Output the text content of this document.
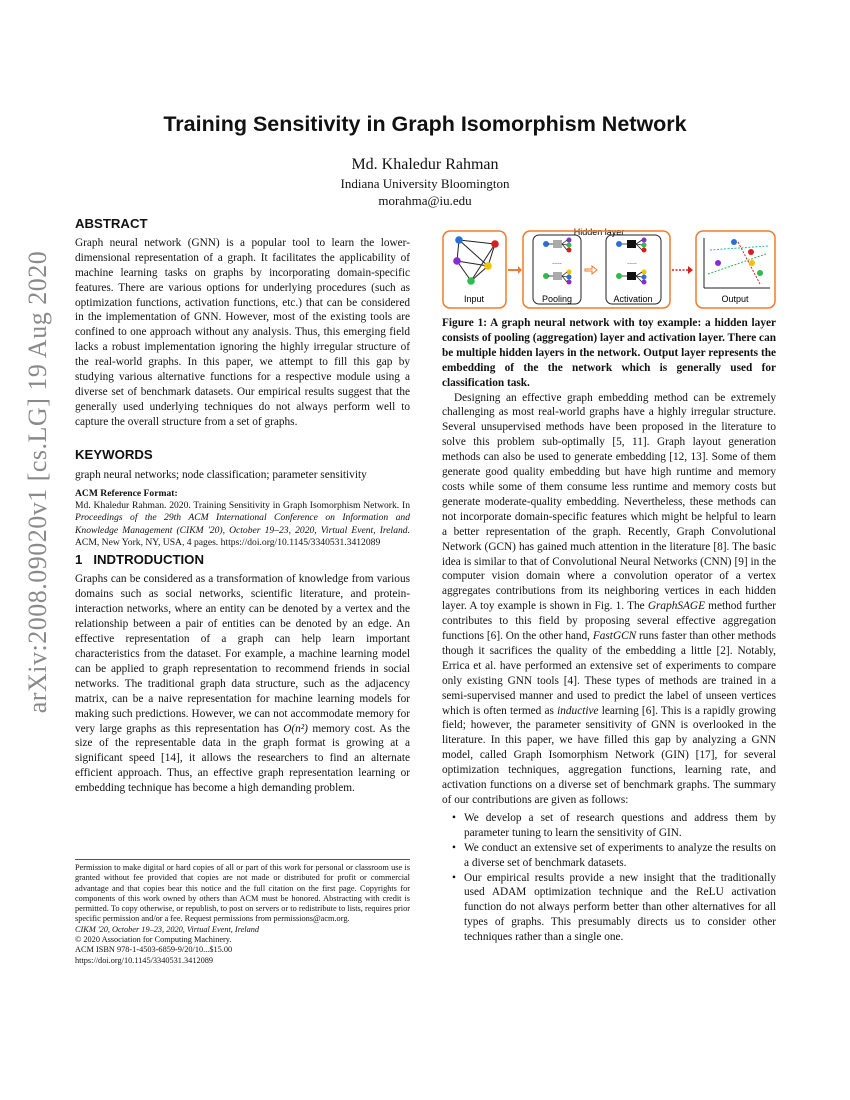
arXiv:2008.09020v1 [cs.LG] 19 Aug 2020
Training Sensitivity in Graph Isomorphism Network
Md. Khaledur Rahman
Indiana University Bloomington
morahma@iu.edu
ABSTRACT

Graph neural network (GNN) is a popular tool to learn the lower-dimensional representation of a graph. It facilitates the applicability of machine learning tasks on graphs by incorporating domain-specific features. There are various options for underlying procedures (such as optimization functions, activation functions, etc.) that can be considered in the implementation of GNN. However, most of the existing tools are confined to one approach without any analysis. Thus, this emerging field lacks a robust implementation ignoring the highly irregular structure of the real-world graphs. In this paper, we attempt to fill this gap by studying various alternative functions for a respective module using a diverse set of benchmark datasets. Our empirical results suggest that the generally used underlying techniques do not always perform well to capture the overall structure from a set of graphs.

KEYWORDS

graph neural networks; node classification; parameter sensitivity

ACM Reference Format:

Md. Khaledur Rahman. 2020. Training Sensitivity in Graph Isomorphism Network. In Proceedings of the 29th ACM International Conference on Information and Knowledge Management (CIKM '20), October 19–23, 2020, Virtual Event, Ireland. ACM, New York, NY, USA, 4 pages. https://doi.org/10.1145/3340531.3412089

1 INDTRODUCTION

Graphs can be considered as a transformation of knowledge from various domains such as social networks, scientific literature, and protein-interaction networks, where an entity can be denoted by a vertex and the relationship between a pair of entities can be denoted by an edge. An effective representation of a graph can help learn important characteristics from the dataset. For example, a machine learning model can be applied to graph representation to recommend friends in social networks. The traditional graph data structure, such as the adjacency matrix, can be a naive representation for machine learning models for making such predictions. However, we can not accommodate memory for very large graphs as this representation has O(n²) memory cost. As the size of the representable data in the graph format is growing at a significant speed [14], it allows the researchers to find an alternate efficient approach. Thus, an effective graph representation learning or embedding technique has become a high demanding problem.

Permission to make digital or hard copies of all or part of this work for personal or classroom use is granted without fee provided that copies are not made or distributed for profit or commercial advantage and that copies bear this notice and the full citation on the first page. Copyrights for components of this work owned by others than ACM must be honored. Abstracting with credit is permitted. To copy otherwise, or republish, to post on servers or to redistribute to lists, requires prior specific permission and/or a fee. Request permissions from permissions@acm.org.

CIKM '20, October 19–23, 2020, Virtual Event, Ireland

© 2020 Association for Computing Machinery.

ACM ISBN 978-1-4503-6859-9/20/10...$15.00

https://doi.org/10.1145/3340531.3412089

Hidden layer
Input
.....
Pooling
.....
Activation	Output

Figure 1: A graph neural network with toy example: a hidden layer consists of pooling (aggregation) layer and activation layer. There can be multiple hidden layers in the network. Output layer represents the embedding of the the network which is generally used for classification task.

Designing an effective graph embedding method can be extremely challenging as most real-world graphs have a highly irregular structure. Several unsupervised methods have been proposed in the literature to solve this problem sub-optimally [5, 11]. Graph layout generation methods can also be used to generate embedding [12, 13]. Some of them generate good quality embedding but have high runtime and memory costs while some of them consume less runtime and memory costs but generate moderate-quality embedding. Nevertheless, these methods can not incorporate domain-specific features which might be helpful to learn a better representation of the graph. Recently, Graph Convolutional Network (GCN) has gained much attention in the literature [8]. The basic idea is similar to that of Convolutional Neural Networks (CNN) [9] in the computer vision domain where a convolution operator of a vertex aggregates contributions from its neighboring vertices in each hidden layer. A toy example is shown in Fig. 1. The GraphSAGE method further contributes to this field by proposing several effective aggregation functions [6]. On the other hand, FastGCN runs faster than other methods though it sacrifices the quality of the embedding a little [2]. Notably, Errica et al. have performed an extensive set of experiments to compare only existing GNN tools [4]. These types of methods are trained in a semi-supervised manner and used to predict the label of unseen vertices which is often termed as inductive learning [6]. This is a rapidly growing field; however, the parameter sensitivity of GNN is overlooked in the literature. In this paper, we have filled this gap by analyzing a GNN model, called Graph Isomorphism Network (GIN) [17], for several optimization techniques, aggregation functions, learning rate, and activation functions on a diverse set of benchmark graphs. The summary of our contributions are given as follows:

• We develop a set of research questions and address them by parameter tuning to learn the sensitivity of GIN.

• We conduct an extensive set of experiments to analyze the results on a diverse set of benchmark datasets.

• Our empirical results provide a new insight that the traditionally used ADAM optimization technique and the ReLU activation function do not always perform better than other alternatives for all types of graphs. This presumably directs us to consider other techniques rather than a single one.
